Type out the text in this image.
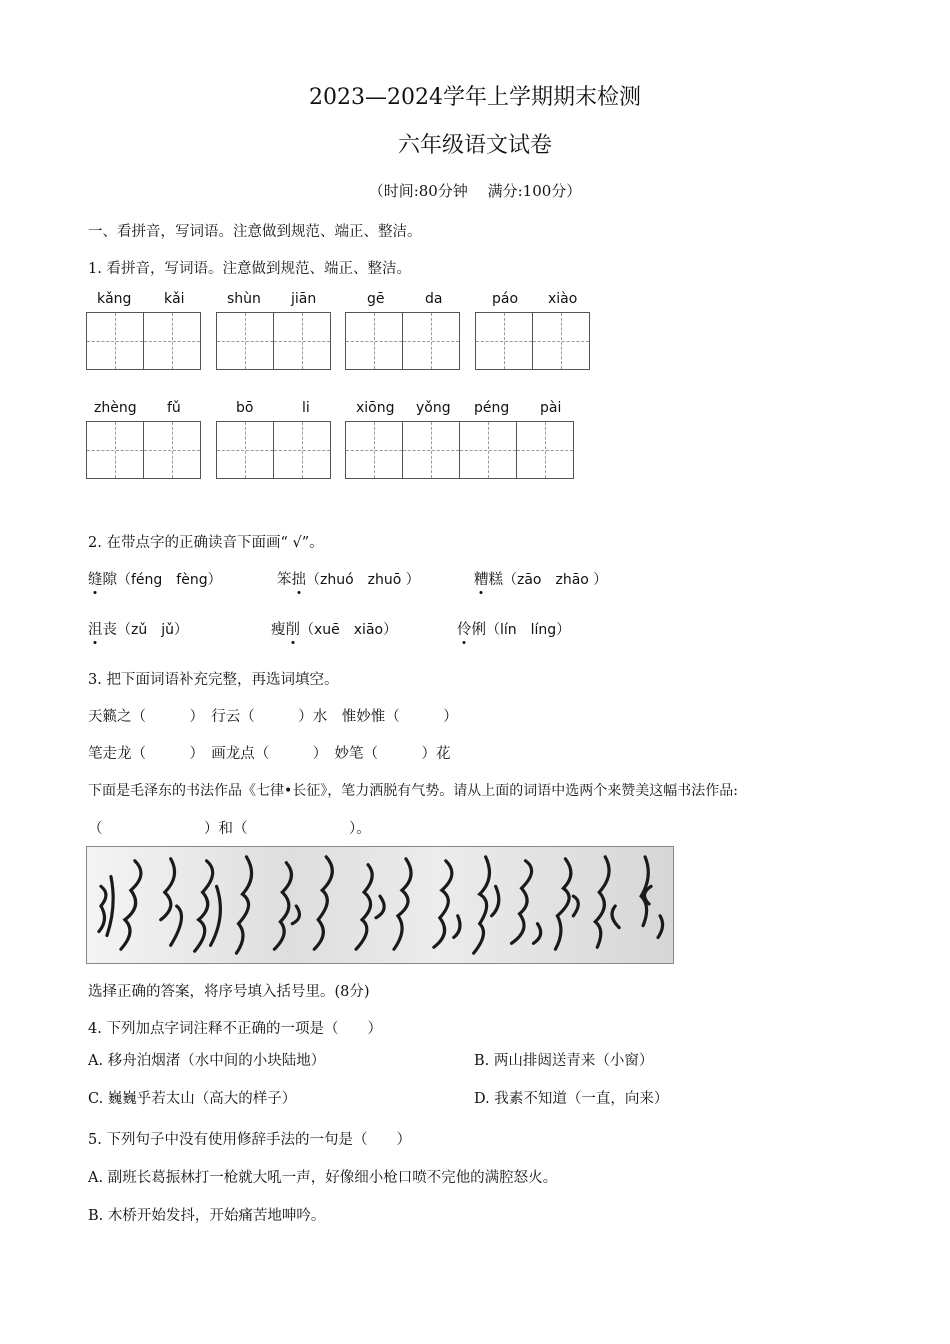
2023—2024学年上学期期末检测
六年级语文试卷
（时间:80分钟　 满分:100分）
一、看拼音，写词语。注意做到规范、端正、整洁。
1. 看拼音，写词语。注意做到规范、端正、整洁。
kǎng kǎi	shùn jiān	gē	da	páo xiào
zhèng fǔ	bō	li	xiōng yǒng péng pài
2. 在带点字的正确读音下面画“ √”。
缝隙（féng　fèng）	笨拙（zhuó　zhuō ）	糟糕（zāo　zhāo ）
沮丧（zǔ　jǔ）	瘦削（xuē　xiāo）	伶俐（lín　líng）
3. 把下面词语补充完整，再选词填空。
天籁之（　　　）　行云（　　　）水　惟妙惟（　　　）
笔走龙（　　　）　画龙点（　　　）　妙笔（　　　）花
下面是毛泽东的书法作品《七律•长征》，笔力洒脱有气势。请从上面的词语中选两个来赞美这幅书法作品:
（　　　　　　　）和（　　　　　　　）。
选择正确的答案，将序号填入括号里。(8分)
4. 下列加点字词注释不正确的一项是（　　）
A. 移舟泊烟渚（水中间的小块陆地）	B. 两山排闼送青来（小窗）
C. 巍巍乎若太山（高大的样子）	D. 我素不知道（一直，向来）
5. 下列句子中没有使用修辞手法的一句是（　　）
A. 副班长葛振林打一枪就大吼一声，好像细小枪口喷不完他的满腔怒火。
B. 木桥开始发抖，开始痛苦地呻吟。
